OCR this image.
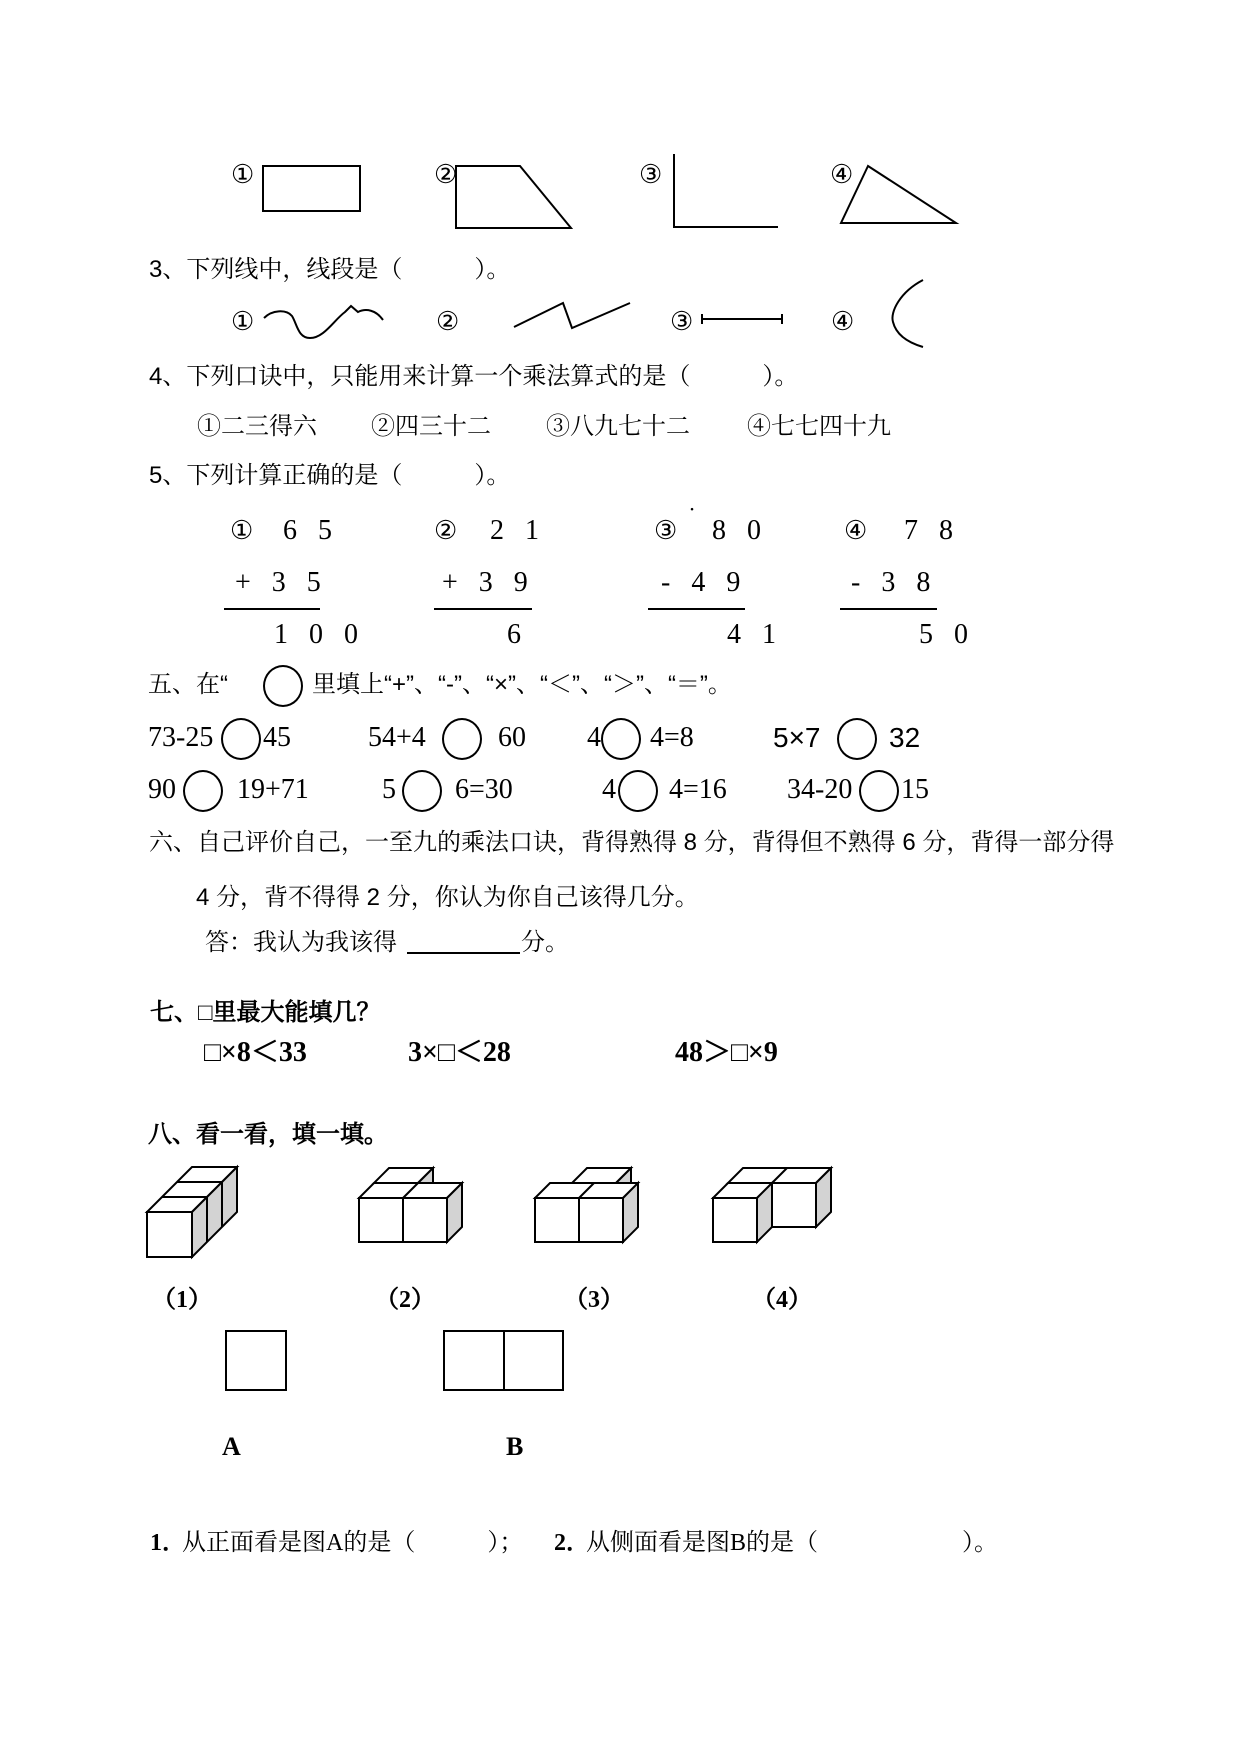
①	②	③	④
3、下列线中，线段是（　　　）。
①	②	③	④
4、下列口诀中，只能用来计算一个乘法算式的是（　　　）。
①二三得六 ②四三十二 ③八九七十二 ④七七四十九
5、下列计算正确的是（　　　）。
① 6 5
+ 3 5
1 0 0
② 2 1
+ 3 9
6
③ ˙ 8 0
- 4 9
4 1
④ 7 8
- 3 8
5 0
五、在“	里填上“+”、“-”、“×”、“＜”、“＞”、“＝”。
73-25 45	54+4	60 4 4=8	5×7 32
90 19+71	5 6=30	4 4=16 34-20 15
六、自己评价自己，一至九的乘法口诀，背得熟得 8 分，背得但不熟得 6 分，背得一部分得
4 分，背不得得 2 分，你认为你自己该得几分。
答：我认为我该得	分。
七、□里最大能填几？
□×8＜33	3×□＜28	48＞□×9
八、看一看，填一填。
（1）	（2）	（3）	（4）
A	B
1．
从正面看是图A的是（　　　）； 2．
从侧面看是图B的是（　　　　　　）。
